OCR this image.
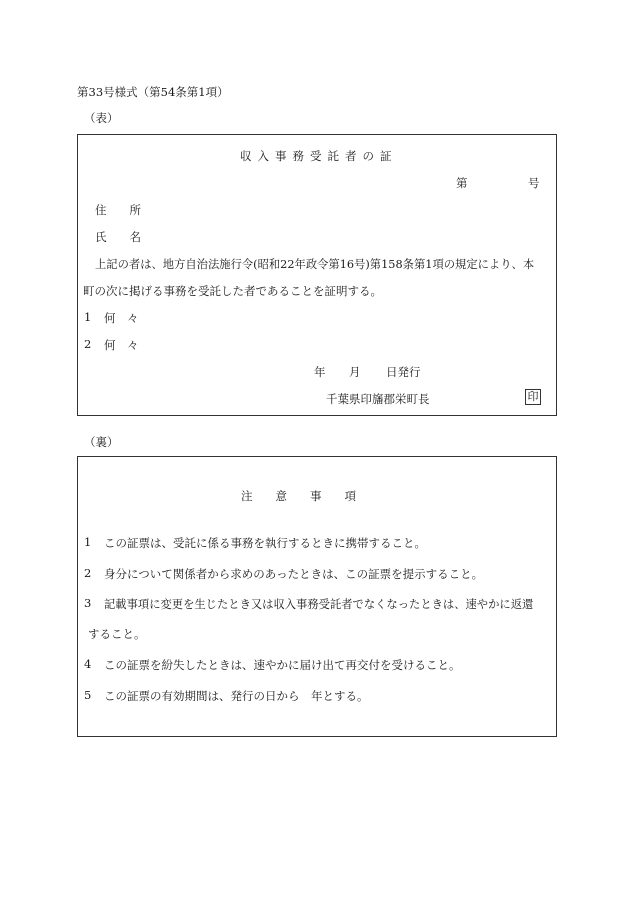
第33号様式（第54条第1項）
（表）
収入事務受託者の証
第	号
住　　所
氏　　名
上記の者は、地方自治法施行令(昭和22年政令第16号)第158条第1項の規定により、本
町の次に掲げる事務を受託した者であることを証明する。
1 何　々
2 何　々
年 月 日発行
千葉県印旛郡栄町長	印
（裏）
注　　意　　事　　項
1 この証票は、受託に係る事務を執行するときに携帯すること。
2 身分について関係者から求めのあったときは、この証票を提示すること。
3 記載事項に変更を生じたとき又は収入事務受託者でなくなったときは、速やかに返還
すること。
4 この証票を紛失したときは、速やかに届け出て再交付を受けること。
5 この証票の有効期間は、発行の日から　年とする。
